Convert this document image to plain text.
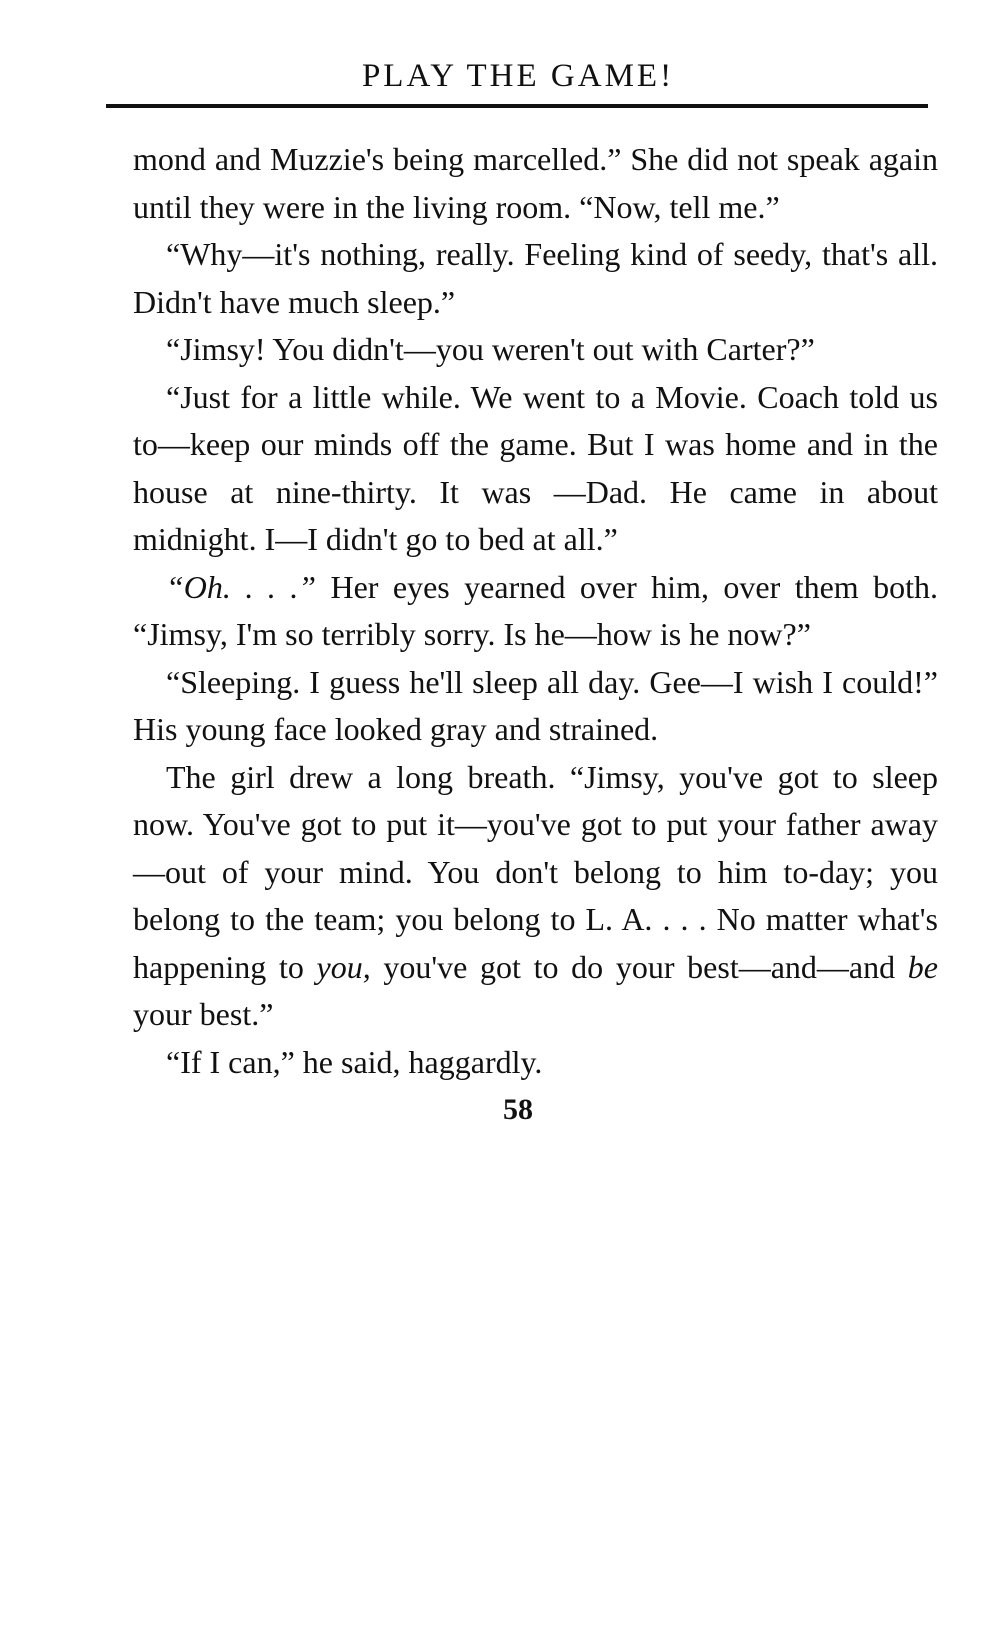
PLAY THE GAME!

mond and Muzzie's being marcelled.” She did not speak again until they were in the living room. “Now, tell me.”

“Why—it's nothing, really. Feeling kind of seedy, that's all. Didn't have much sleep.”

“Jimsy! You didn't—you weren't out with Carter?”

“Just for a little while. We went to a Movie. Coach told us to—keep our minds off the game. But I was home and in the house at nine-thirty. It was —Dad. He came in about midnight. I—I didn't go to bed at all.”

“Oh. . . .” Her eyes yearned over him, over them both. “Jimsy, I'm so terribly sorry. Is he—how is he now?”

“Sleeping. I guess he'll sleep all day. Gee—I wish I could!” His young face looked gray and strained.

The girl drew a long breath. “Jimsy, you've got to sleep now. You've got to put it—you've got to put your father away—out of your mind. You don't belong to him to-day; you belong to the team; you belong to L. A. . . . No matter what's happening to you, you've got to do your best—and—and be your best.”

“If I can,” he said, haggardly.

58
